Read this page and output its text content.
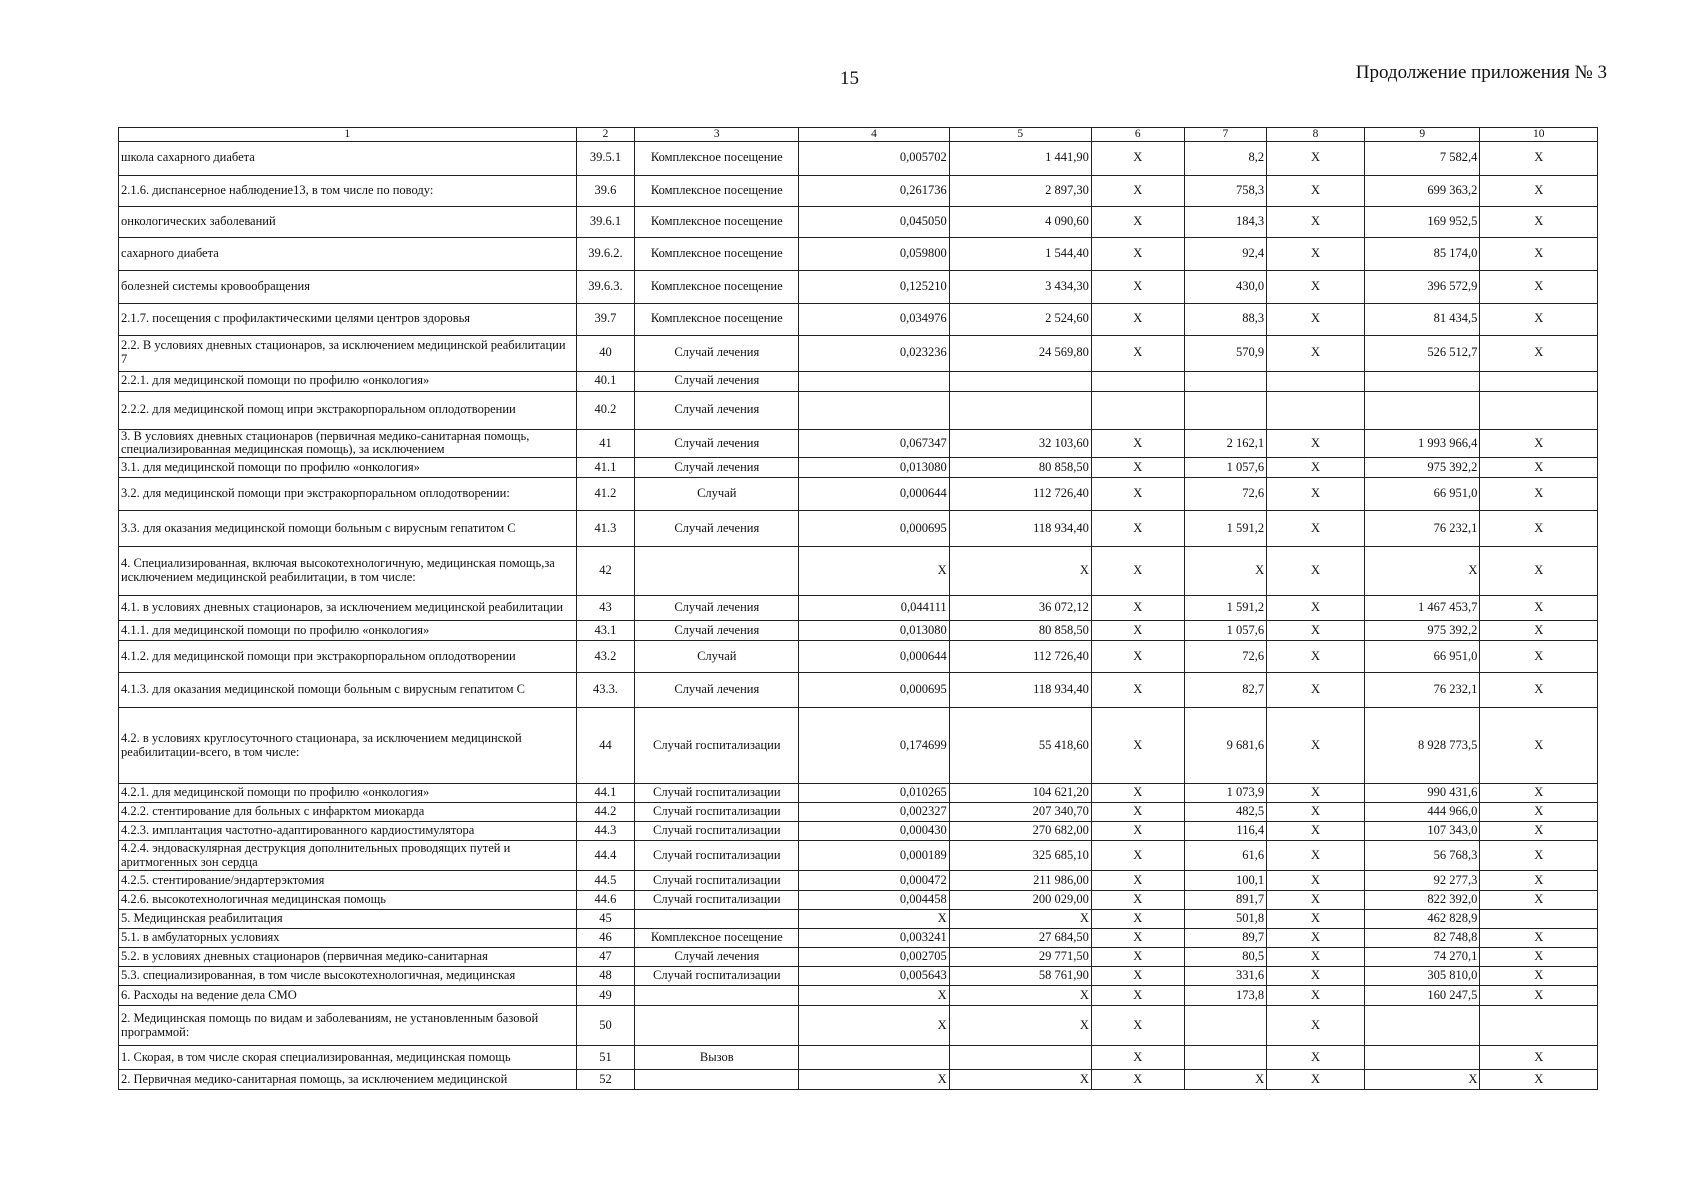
15	Продолжение приложения № 3
1	2	3	4	5	6	7	8	9	10
школа сахарного диабета	39.5.1	Комплексное посещение	0,005702	1 441,90	Х	8,2	Х	7 582,4	Х
2.1.6. диспансерное наблюдение13, в том числе по поводу:	39.6	Комплексное посещение	0,261736	2 897,30	Х	758,3	Х	699 363,2	Х
онкологических заболеваний	39.6.1	Комплексное посещение	0,045050	4 090,60	Х	184,3	Х	169 952,5	Х
сахарного диабета	39.6.2.	Комплексное посещение	0,059800	1 544,40	Х	92,4	Х	85 174,0	Х
болезней системы кровообращения	39.6.3.	Комплексное посещение	0,125210	3 434,30	Х	430,0	Х	396 572,9	Х
2.1.7. посещения с профилактическими целями центров здоровья	39.7	Комплексное посещение	0,034976	2 524,60	Х	88,3	Х	81 434,5	Х
2.2. В условиях дневных стационаров, за исключением медицинской реабилитации 7	40	Случай лечения	0,023236	24 569,80	Х	570,9	Х	526 512,7	Х
2.2.1. для медицинской помощи по профилю «онкология»	40.1	Случай лечения							
2.2.2. для медицинской помощ ипри экстракорпоральном оплодотворении	40.2	Случай лечения							
3. В условиях дневных стационаров (первичная медико-санитарная помощь, специализированная медицинская помощь), за исключением	41	Случай лечения	0,067347	32 103,60	Х	2 162,1	Х	1 993 966,4	Х
3.1. для медицинской помощи по профилю «онкология»	41.1	Случай лечения	0,013080	80 858,50	Х	1 057,6	Х	975 392,2	Х
3.2. для медицинской помощи при экстракорпоральном оплодотворении:	41.2	Случай	0,000644	112 726,40	Х	72,6	Х	66 951,0	Х
3.3. для оказания медицинской помощи больным с вирусным гепатитом С	41.3	Случай лечения	0,000695	118 934,40	Х	1 591,2	Х	76 232,1	Х
4. Специализированная, включая высокотехнологичную, медицинская помощь,за исключением медицинской реабилитации, в том числе:	42		Х	Х	Х	Х	Х	Х	Х
4.1. в условиях дневных стационаров, за исключением медицинской реабилитации	43	Случай лечения	0,044111	36 072,12	Х	1 591,2	Х	1 467 453,7	Х
4.1.1. для медицинской помощи по профилю «онкология»	43.1	Случай лечения	0,013080	80 858,50	Х	1 057,6	Х	975 392,2	Х
4.1.2. для медицинской помощи при экстракорпоральном оплодотворении	43.2	Случай	0,000644	112 726,40	Х	72,6	Х	66 951,0	Х
4.1.3. для оказания медицинской помощи больным с вирусным гепатитом С	43.3.	Случай лечения	0,000695	118 934,40	Х	82,7	Х	76 232,1	Х
4.2. в условиях круглосуточного стационара, за исключением медицинской реабилитации-всего, в том числе:	44	Случай госпитализации	0,174699	55 418,60	Х	9 681,6	Х	8 928 773,5	Х
4.2.1. для медицинской помощи по профилю «онкология»	44.1	Случай госпитализации	0,010265	104 621,20	Х	1 073,9	Х	990 431,6	Х
4.2.2. стентирование для больных с инфарктом миокарда	44.2	Случай госпитализации	0,002327	207 340,70	Х	482,5	Х	444 966,0	Х
4.2.3. имплантация частотно-адаптированного кардиостимулятора	44.3	Случай госпитализации	0,000430	270 682,00	Х	116,4	Х	107 343,0	Х
4.2.4. эндоваскулярная деструкция дополнительных проводящих путей и аритмогенных зон сердца	44.4	Случай госпитализации	0,000189	325 685,10	Х	61,6	Х	56 768,3	Х
4.2.5. стентирование/эндартерэктомия	44.5	Случай госпитализации	0,000472	211 986,00	Х	100,1	Х	92 277,3	Х
4.2.6. высокотехнологичная медицинская помощь	44.6	Случай госпитализации	0,004458	200 029,00	Х	891,7	Х	822 392,0	Х
5. Медицинская реабилитация	45		Х	Х	Х	501,8	Х	462 828,9	
5.1. в амбулаторных условиях	46	Комплексное посещение	0,003241	27 684,50	Х	89,7	Х	82 748,8	Х
5.2. в условиях дневных стационаров (первичная медико-санитарная	47	Случай лечения	0,002705	29 771,50	Х	80,5	Х	74 270,1	Х
5.3. специализированная, в том числе высокотехнологичная, медицинская	48	Случай госпитализации	0,005643	58 761,90	Х	331,6	Х	305 810,0	Х
6. Расходы на ведение дела СМО	49		Х	Х	Х	173,8	Х	160 247,5	Х
2. Медицинская помощь по видам и заболеваниям, не установленным базовой программой:	50		Х	Х	Х		Х		
1. Скорая, в том числе скорая специализированная, медицинская помощь	51	Вызов			Х		Х		Х
2. Первичная медико-санитарная помощь, за исключением медицинской	52		Х	Х	Х	Х	Х	Х	Х
